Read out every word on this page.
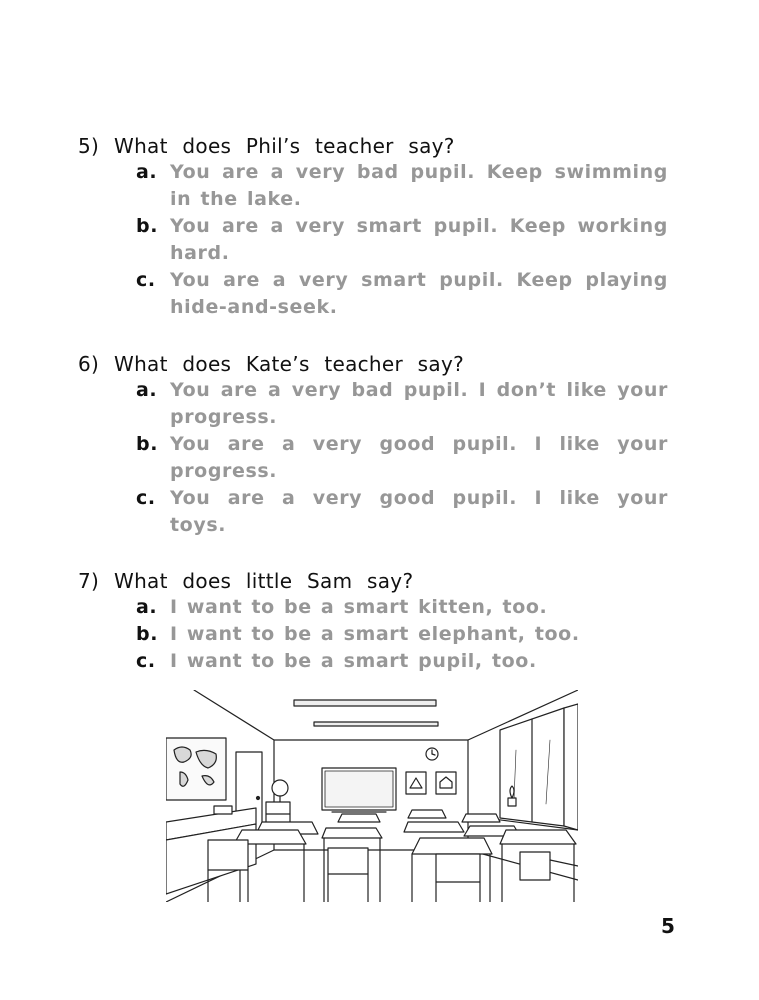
5) What does Phil’s teacher say?
a. You are a very bad pupil. Keep swimming in the lake.
b. You are a very smart pupil. Keep working hard.
c. You are a very smart pupil. Keep playing hide-and-seek.
6) What does Kate’s teacher say?
a. You are a very bad pupil. I don’t like your progress.
b. You are a very good pupil. I like your progress.
c. You are a very good pupil. I like your toys.
7) What does little Sam say?
a. I want to be a smart kitten, too.
b. I want to be a smart elephant, too.
c. I want to be a smart pupil, too.
5
